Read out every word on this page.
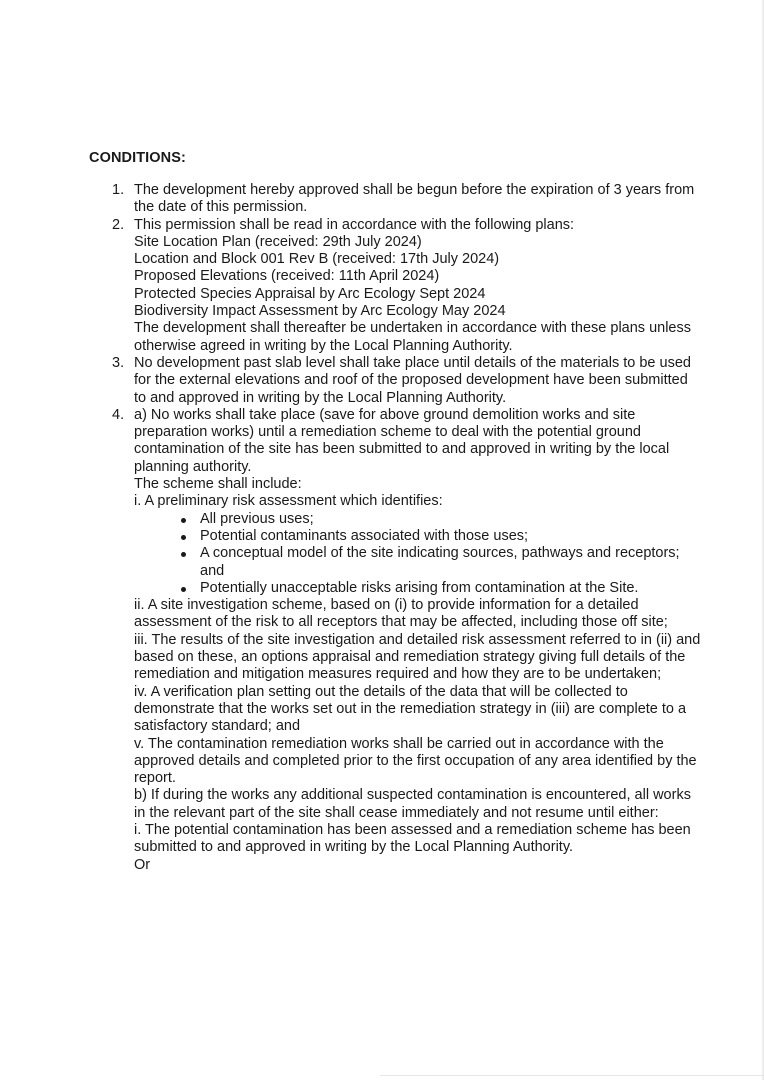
CONDITIONS:
1. The development hereby approved shall be begun before the expiration of 3 years from the date of this permission.
2. This permission shall be read in accordance with the following plans:
Site Location Plan (received: 29th July 2024)
Location and Block 001 Rev B (received: 17th July 2024)
Proposed Elevations (received: 11th April 2024)
Protected Species Appraisal by Arc Ecology Sept 2024
Biodiversity Impact Assessment by Arc Ecology May 2024
The development shall thereafter be undertaken in accordance with these plans unless otherwise agreed in writing by the Local Planning Authority.
3. No development past slab level shall take place until details of the materials to be used for the external elevations and roof of the proposed development have been submitted to and approved in writing by the Local Planning Authority.
4. a) No works shall take place (save for above ground demolition works and site preparation works) until a remediation scheme to deal with the potential ground contamination of the site has been submitted to and approved in writing by the local planning authority.
The scheme shall include:
i. A preliminary risk assessment which identifies:
All previous uses;
Potential contaminants associated with those uses;
A conceptual model of the site indicating sources, pathways and receptors; and
Potentially unacceptable risks arising from contamination at the Site.
ii. A site investigation scheme, based on (i) to provide information for a detailed assessment of the risk to all receptors that may be affected, including those off site;
iii. The results of the site investigation and detailed risk assessment referred to in (ii) and based on these, an options appraisal and remediation strategy giving full details of the remediation and mitigation measures required and how they are to be undertaken;
iv. A verification plan setting out the details of the data that will be collected to demonstrate that the works set out in the remediation strategy in (iii) are complete to a satisfactory standard; and
v. The contamination remediation works shall be carried out in accordance with the approved details and completed prior to the first occupation of any area identified by the report.
b) If during the works any additional suspected contamination is encountered, all works in the relevant part of the site shall cease immediately and not resume until either:
i. The potential contamination has been assessed and a remediation scheme has been submitted to and approved in writing by the Local Planning Authority.
Or
